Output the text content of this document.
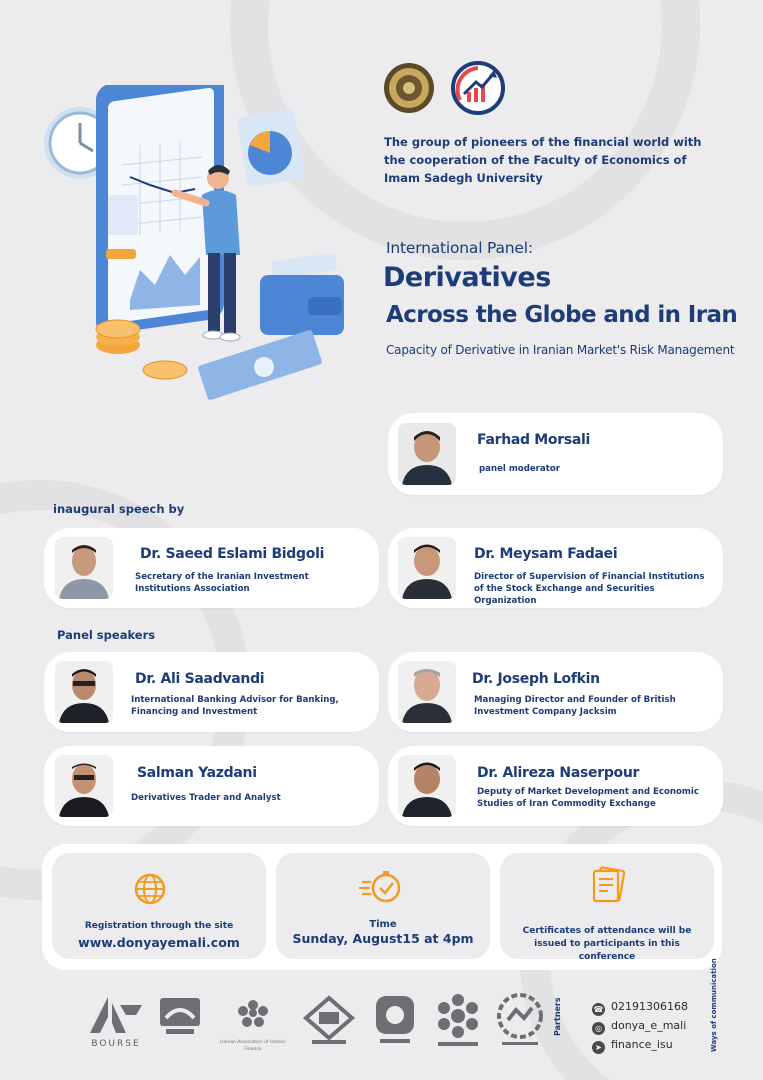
The group of pioneers of the financial world with the cooperation of the Faculty of Economics of Imam Sadegh University
International Panel:
Derivatives
Across the Globe and in Iran
Capacity of Derivative in Iranian Market's Risk Management
Farhad Morsali
panel moderator
inaugural speech by
Dr. Saeed Eslami Bidgoli
Secretary of the Iranian Investment Institutions Association
Dr. Meysam Fadaei
Director of Supervision of Financial Institutions of the Stock Exchange and Securities Organization
Panel speakers
Dr. Ali Saadvandi
International Banking Advisor for Banking, Financing and Investment
Dr. Joseph Lofkin
Managing Director and Founder of British Investment Company Jacksim
Salman Yazdani
Derivatives Trader and Analyst
Dr. Alireza Naserpour
Deputy of Market Development and Economic Studies of Iran Commodity Exchange
Registration through the site
www.donyayemali.com
Time
Sunday, August15 at 4pm	Certificates of attendance will be issued to participants in this conference
BOURSE	Iranian Association of Islamic Finance
Partners	Ways of communication
☎ 02191306168
◎ donya_e_mali
➤ finance_isu
